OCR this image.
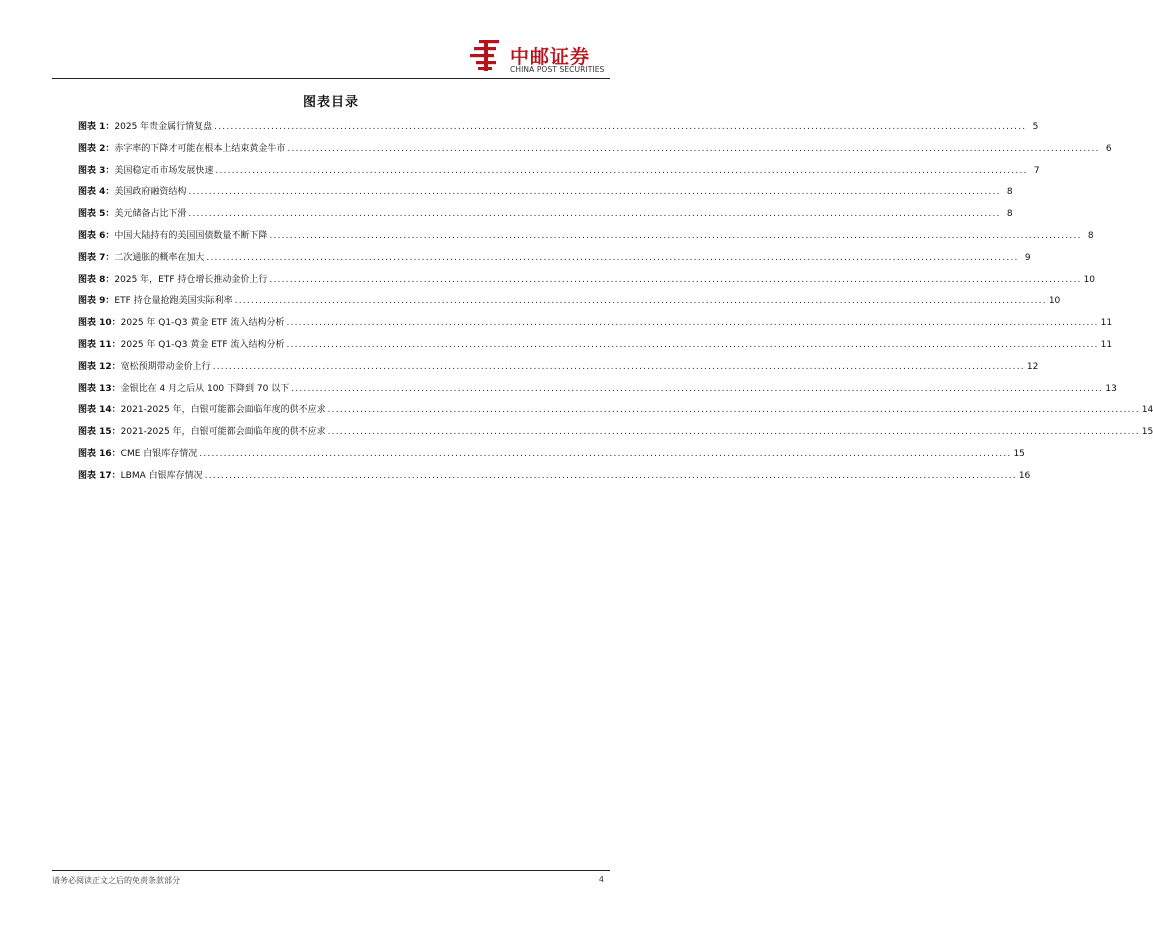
中邮证券
CHINA POST SECURITIES
图表目录
图表 1： 2025 年贵金属行情复盘 ........................................................................................................................................................................................................ 5
图表 2： 赤字率的下降才可能在根本上结束黄金牛市 ........................................................................................................................................................................................................ 6
图表 3： 美国稳定币市场发展快速 ........................................................................................................................................................................................................ 7
图表 4： 美国政府融资结构 ........................................................................................................................................................................................................ 8
图表 5： 美元储备占比下滑 ........................................................................................................................................................................................................ 8
图表 6： 中国大陆持有的美国国债数量不断下降 ........................................................................................................................................................................................................ 8
图表 7： 二次通胀的概率在加大 ........................................................................................................................................................................................................ 9
图表 8： 2025 年，ETF 持仓增长推动金价上行 ........................................................................................................................................................................................................ 10
图表 9： ETF 持仓量抢跑美国实际利率 ........................................................................................................................................................................................................ 10
图表 10： 2025 年 Q1-Q3 黄金 ETF 流入结构分析 ........................................................................................................................................................................................................ 11
图表 11： 2025 年 Q1-Q3 黄金 ETF 流入结构分析 ........................................................................................................................................................................................................ 11
图表 12： 宽松预期带动金价上行 ........................................................................................................................................................................................................ 12
图表 13： 金银比在 4 月之后从 100 下降到 70 以下 ........................................................................................................................................................................................................ 13
图表 14： 2021-2025 年，白银可能都会面临年度的供不应求 ........................................................................................................................................................................................................ 14
图表 15： 2021-2025 年，白银可能都会面临年度的供不应求 ........................................................................................................................................................................................................ 15
图表 16： CME 白银库存情况 ........................................................................................................................................................................................................ 15
图表 17： LBMA 白银库存情况 ........................................................................................................................................................................................................ 16
请务必阅读正文之后的免责条款部分	4
